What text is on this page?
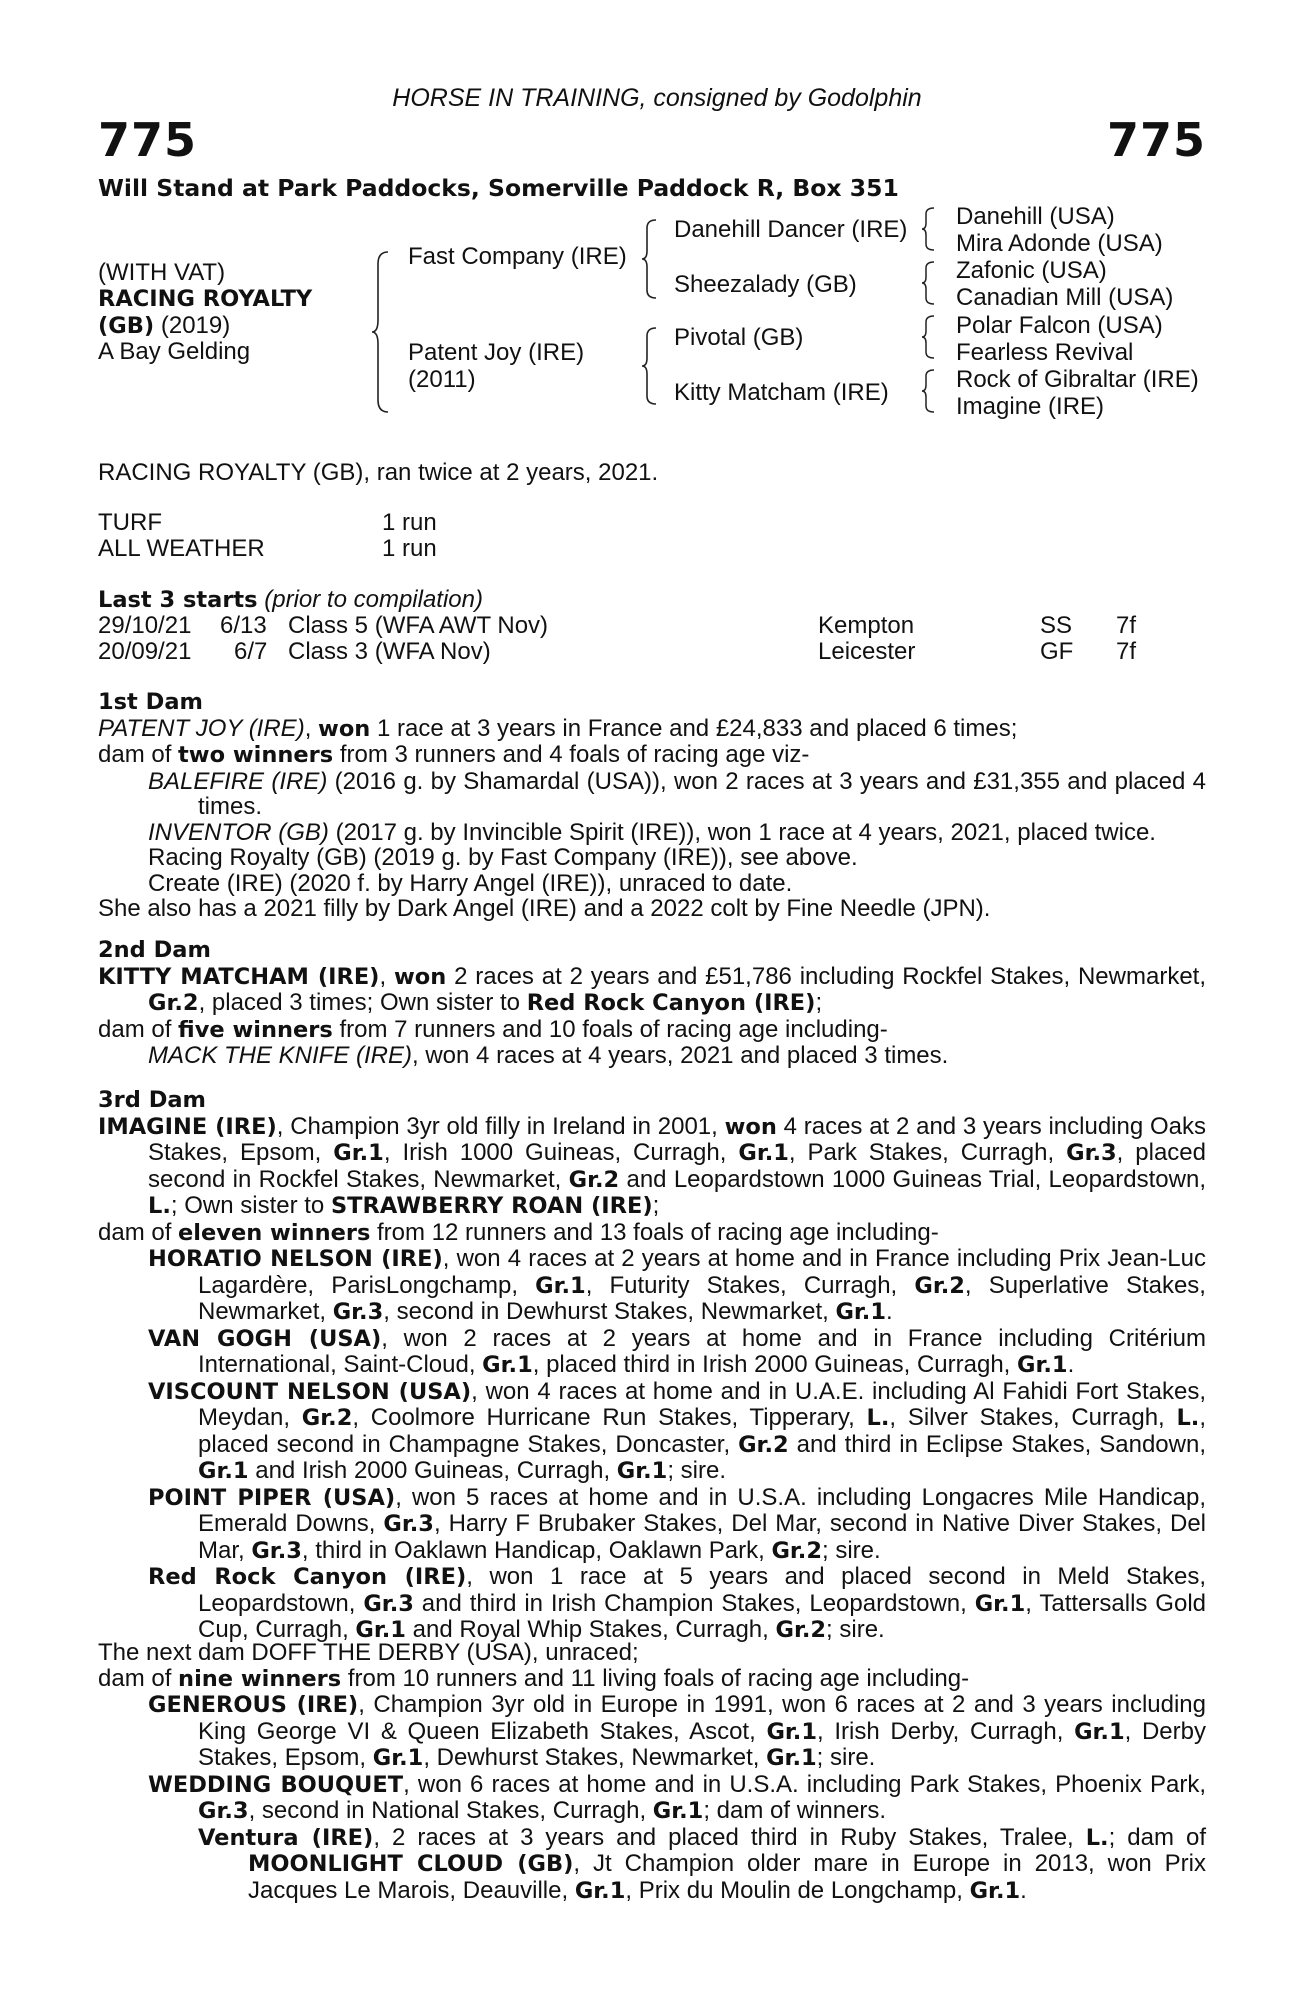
HORSE IN TRAINING, consigned by Godolphin
775	775
Will Stand at Park Paddocks, Somerville Paddock R, Box 351
(WITH VAT)
RACING ROYALTY
(GB) (2019)
A Bay Gelding
Fast Company (IRE)
Patent Joy (IRE)
(2011)
Danehill Dancer (IRE)
Sheezalady (GB)
Pivotal (GB)
Kitty Matcham (IRE)
Danehill (USA)
Mira Adonde (USA)
Zafonic (USA)
Canadian Mill (USA)
Polar Falcon (USA)
Fearless Revival
Rock of Gibraltar (IRE)
Imagine (IRE)
RACING ROYALTY (GB), ran twice at 2 years, 2021.
TURF	1 run
ALL WEATHER	1 run
Last 3 starts (prior to compilation)
29/10/21 6/13 Class 5 (WFA AWT Nov)	Kempton	SS 7f
20/09/21 6/7 Class 3 (WFA Nov)	Leicester	GF 7f
1st Dam

PATENT JOY (IRE), won 1 race at 3 years in France and £24,833 and placed 6 times;

dam of two winners from 3 runners and 4 foals of racing age viz-

BALEFIRE (IRE) (2016 g. by Shamardal (USA)), won 2 races at 3 years and £31,355 and placed 4 times.

INVENTOR (GB) (2017 g. by Invincible Spirit (IRE)), won 1 race at 4 years, 2021, placed twice.

Racing Royalty (GB) (2019 g. by Fast Company (IRE)), see above.

Create (IRE) (2020 f. by Harry Angel (IRE)), unraced to date.

She also has a 2021 filly by Dark Angel (IRE) and a 2022 colt by Fine Needle (JPN).

2nd Dam

KITTY MATCHAM (IRE), won 2 races at 2 years and £51,786 including Rockfel Stakes, Newmarket, Gr.2, placed 3 times; Own sister to Red Rock Canyon (IRE);

dam of five winners from 7 runners and 10 foals of racing age including-

MACK THE KNIFE (IRE), won 4 races at 4 years, 2021 and placed 3 times.

3rd Dam

IMAGINE (IRE), Champion 3yr old filly in Ireland in 2001, won 4 races at 2 and 3 years including Oaks Stakes, Epsom, Gr.1, Irish 1000 Guineas, Curragh, Gr.1, Park Stakes, Curragh, Gr.3, placed second in Rockfel Stakes, Newmarket, Gr.2 and Leopardstown 1000 Guineas Trial, Leopardstown, L.; Own sister to STRAWBERRY ROAN (IRE);

dam of eleven winners from 12 runners and 13 foals of racing age including-

HORATIO NELSON (IRE), won 4 races at 2 years at home and in France including Prix Jean-Luc Lagardère, ParisLongchamp, Gr.1, Futurity Stakes, Curragh, Gr.2, Superlative Stakes, Newmarket, Gr.3, second in Dewhurst Stakes, Newmarket, Gr.1.

VAN GOGH (USA), won 2 races at 2 years at home and in France including Critérium International, Saint-Cloud, Gr.1, placed third in Irish 2000 Guineas, Curragh, Gr.1.

VISCOUNT NELSON (USA), won 4 races at home and in U.A.E. including Al Fahidi Fort Stakes, Meydan, Gr.2, Coolmore Hurricane Run Stakes, Tipperary, L., Silver Stakes, Curragh, L., placed second in Champagne Stakes, Doncaster, Gr.2 and third in Eclipse Stakes, Sandown, Gr.1 and Irish 2000 Guineas, Curragh, Gr.1; sire.

POINT PIPER (USA), won 5 races at home and in U.S.A. including Longacres Mile Handicap, Emerald Downs, Gr.3, Harry F Brubaker Stakes, Del Mar, second in Native Diver Stakes, Del Mar, Gr.3, third in Oaklawn Handicap, Oaklawn Park, Gr.2; sire.

Red Rock Canyon (IRE), won 1 race at 5 years and placed second in Meld Stakes, Leopardstown, Gr.3 and third in Irish Champion Stakes, Leopardstown, Gr.1, Tattersalls Gold Cup, Curragh, Gr.1 and Royal Whip Stakes, Curragh, Gr.2; sire.

The next dam DOFF THE DERBY (USA), unraced;

dam of nine winners from 10 runners and 11 living foals of racing age including-

GENEROUS (IRE), Champion 3yr old in Europe in 1991, won 6 races at 2 and 3 years including King George VI & Queen Elizabeth Stakes, Ascot, Gr.1, Irish Derby, Curragh, Gr.1, Derby Stakes, Epsom, Gr.1, Dewhurst Stakes, Newmarket, Gr.1; sire.

WEDDING BOUQUET, won 6 races at home and in U.S.A. including Park Stakes, Phoenix Park, Gr.3, second in National Stakes, Curragh, Gr.1; dam of winners.

Ventura (IRE), 2 races at 3 years and placed third in Ruby Stakes, Tralee, L.; dam of MOONLIGHT CLOUD (GB), Jt Champion older mare in Europe in 2013, won Prix Jacques Le Marois, Deauville, Gr.1, Prix du Moulin de Longchamp, Gr.1.
